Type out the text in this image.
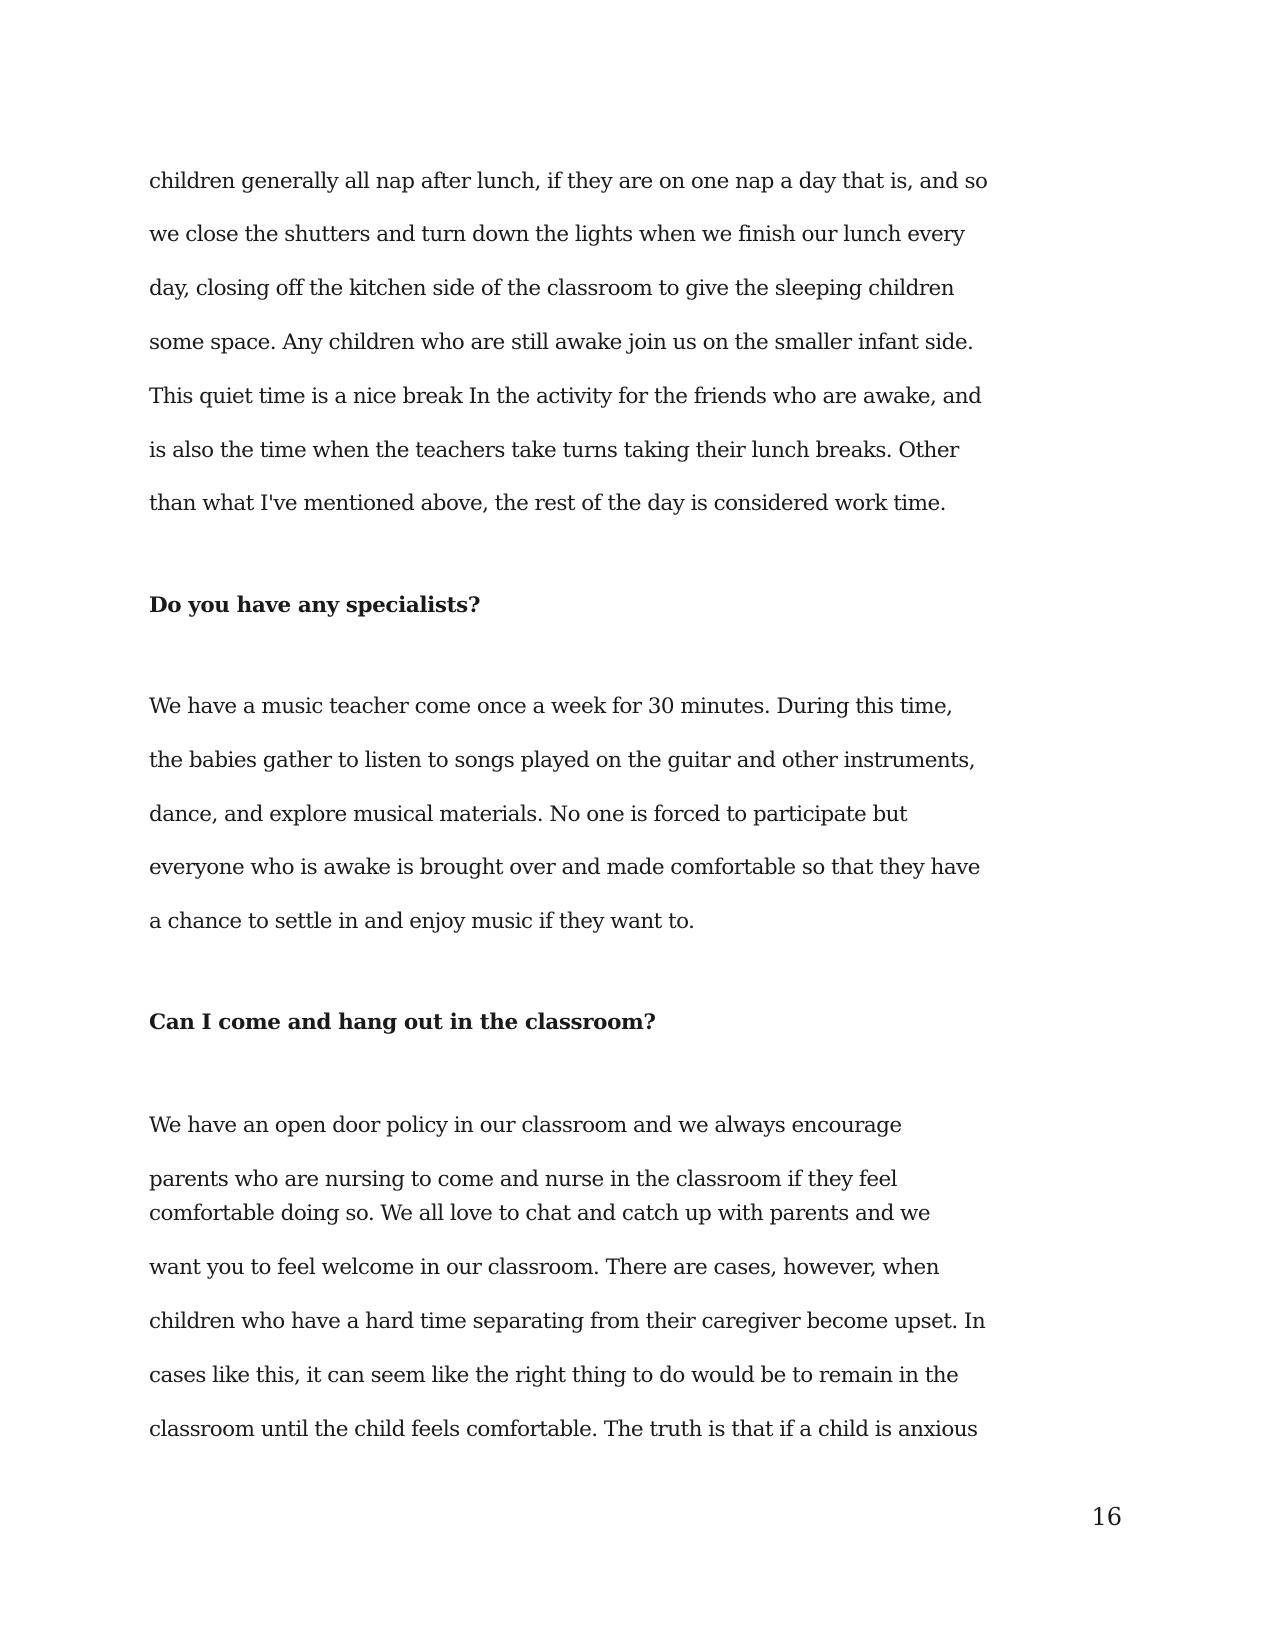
children generally all nap after lunch, if they are on one nap a day that is, and so

we close the shutters and turn down the lights when we finish our lunch every

day, closing off the kitchen side of the classroom to give the sleeping children

some space. Any children who are still awake join us on the smaller infant side.

This quiet time is a nice break In the activity for the friends who are awake, and

is also the time when the teachers take turns taking their lunch breaks. Other

than what I've mentioned above, the rest of the day is considered work time.

Do you have any specialists?

We have a music teacher come once a week for 30 minutes. During this time,

the babies gather to listen to songs played on the guitar and other instruments,

dance, and explore musical materials. No one is forced to participate but

everyone who is awake is brought over and made comfortable so that they have

a chance to settle in and enjoy music if they want to.

Can I come and hang out in the classroom?

We have an open door policy in our classroom and we always encourage

parents who are nursing to come and nurse in the classroom if they feel

comfortable doing so. We all love to chat and catch up with parents and we

want you to feel welcome in our classroom. There are cases, however, when

children who have a hard time separating from their caregiver become upset. In

cases like this, it can seem like the right thing to do would be to remain in the

classroom until the child feels comfortable. The truth is that if a child is anxious

16
